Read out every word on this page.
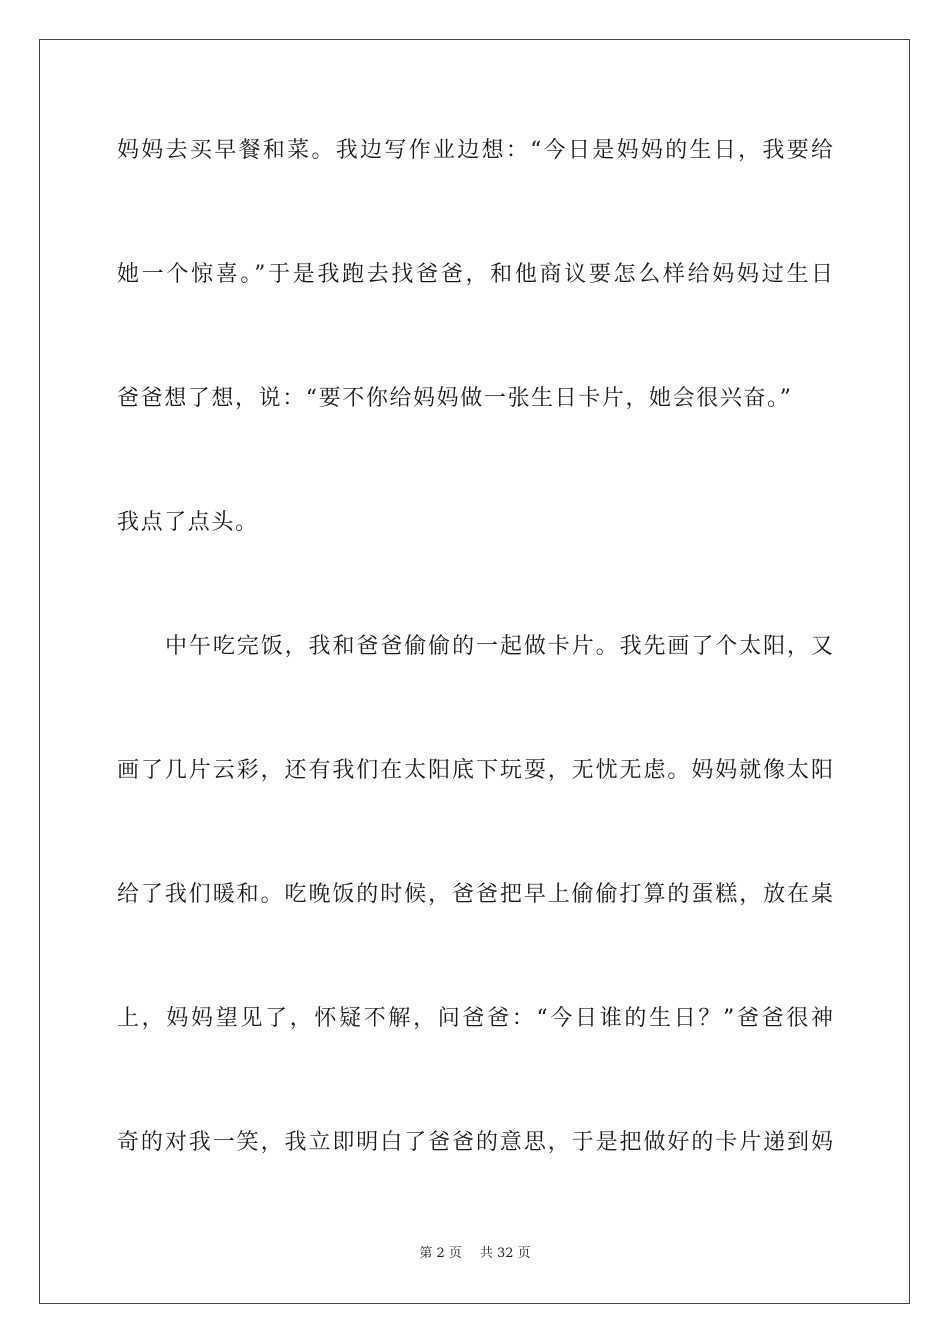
妈妈去买早餐和菜。我边写作业边想：“今日是妈妈的生日，我要给
她一个惊喜。”于是我跑去找爸爸，和他商议要怎么样给妈妈过生日
爸爸想了想，说：“要不你给妈妈做一张生日卡片，她会很兴奋。”
我点了点头。
中午吃完饭，我和爸爸偷偷的一起做卡片。我先画了个太阳，又
画了几片云彩，还有我们在太阳底下玩耍，无忧无虑。妈妈就像太阳
给了我们暖和。吃晚饭的时候，爸爸把早上偷偷打算的蛋糕，放在桌
上，妈妈望见了，怀疑不解，问爸爸：“今日谁的生日？”爸爸很神
奇的对我一笑，我立即明白了爸爸的意思，于是把做好的卡片递到妈
第 2 页 共 32 页
